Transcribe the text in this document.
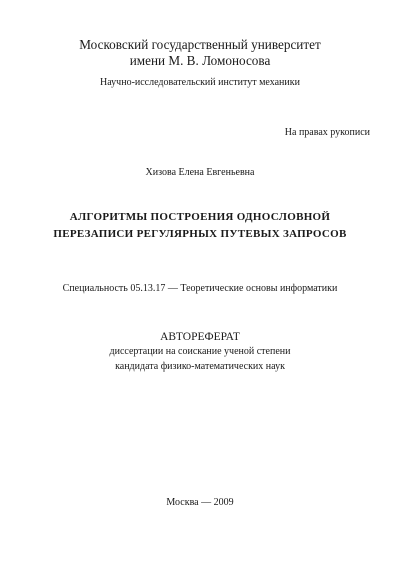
Московский государственный университет
имени М. В. Ломоносова
Научно-исследовательский институт механики
На правах рукописи
Хизова Елена Евгеньевна
АЛГОРИТМЫ ПОСТРОЕНИЯ ОДНОСЛОВНОЙ
ПЕРЕЗАПИСИ РЕГУЛЯРНЫХ ПУТЕВЫХ ЗАПРОСОВ
Специальность 05.13.17 — Теоретические основы информатики
АВТОРЕФЕРАТ
диссертации на соискание ученой степени
кандидата физико-математических наук
Москва — 2009
